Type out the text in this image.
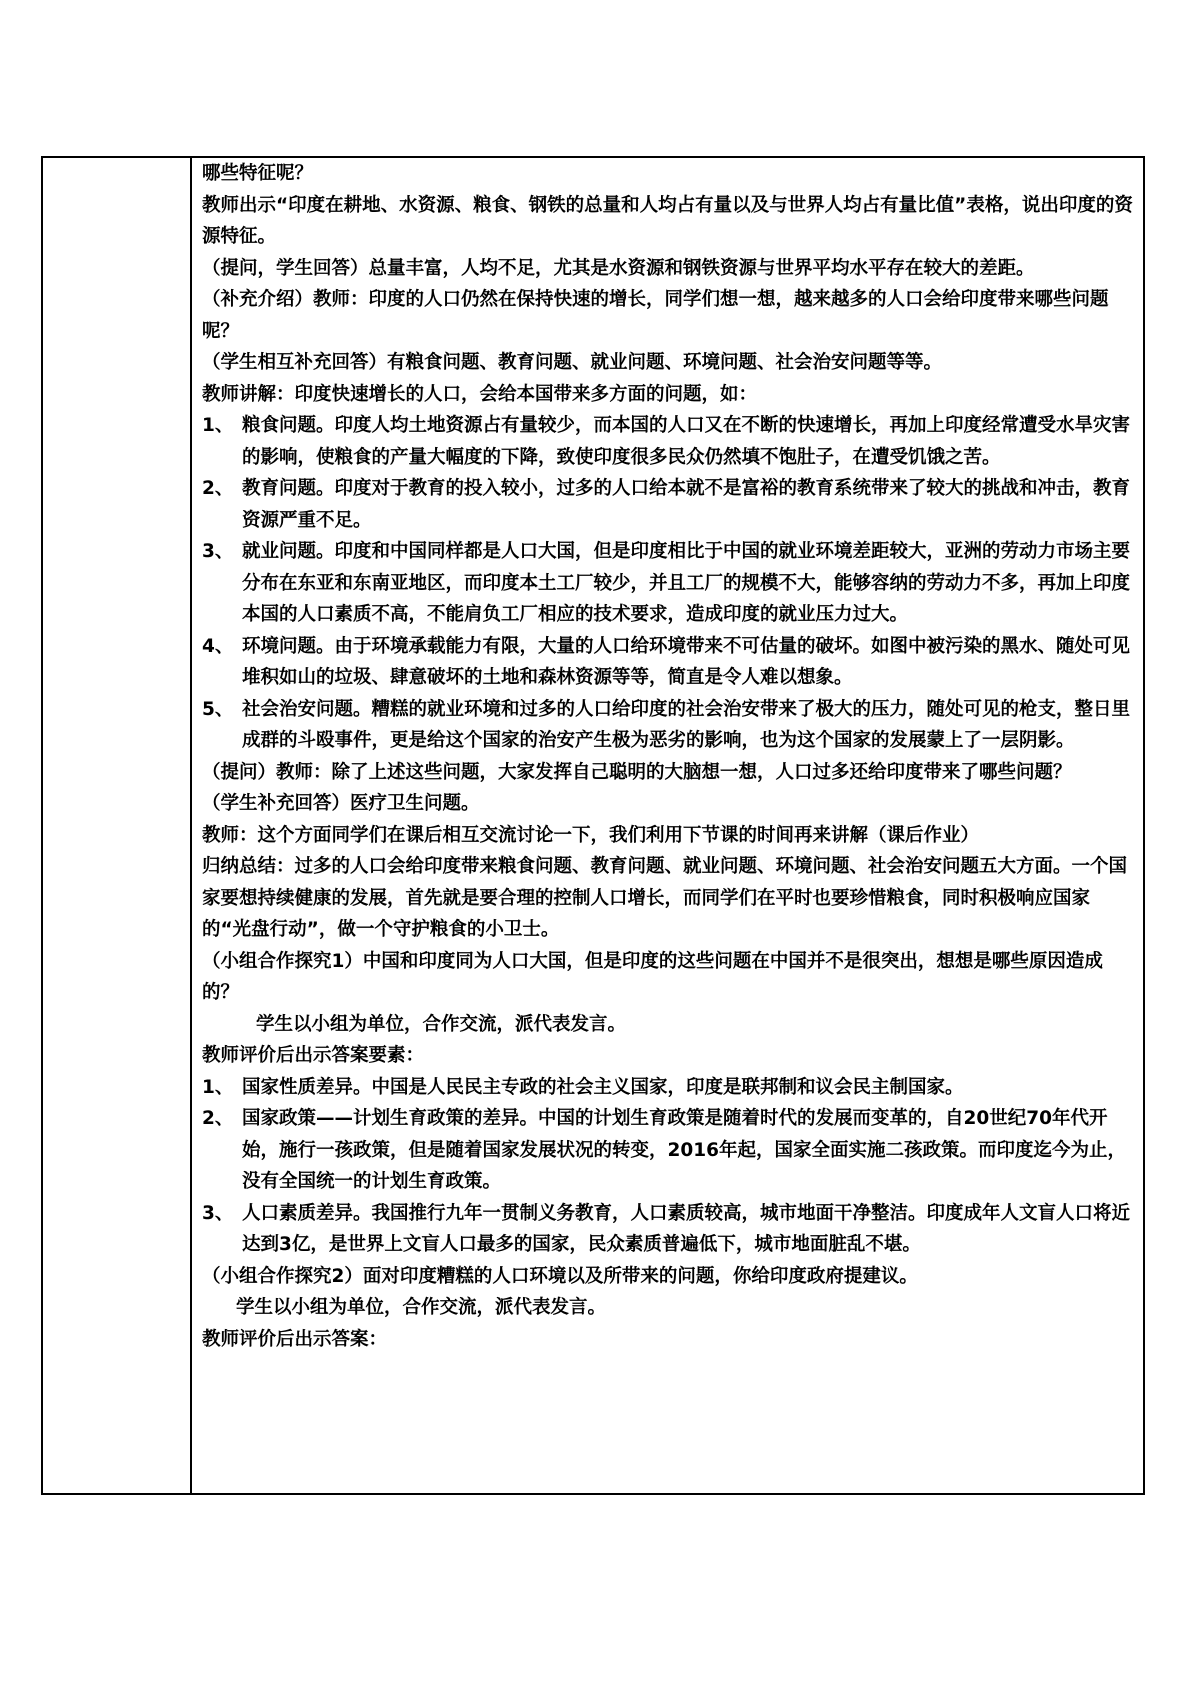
哪些特征呢？

教师出示“印度在耕地、水资源、粮食、钢铁的总量和人均占有量以及与世界人均占有量比值”表格，说出印度的资源特征。

（提问，学生回答）总量丰富，人均不足，尤其是水资源和钢铁资源与世界平均水平存在较大的差距。

（补充介绍）教师：印度的人口仍然在保持快速的增长，同学们想一想，越来越多的人口会给印度带来哪些问题呢？

（学生相互补充回答）有粮食问题、教育问题、就业问题、环境问题、社会治安问题等等。

教师讲解：印度快速增长的人口，会给本国带来多方面的问题，如：

1、 粮食问题。印度人均土地资源占有量较少，而本国的人口又在不断的快速增长，再加上印度经常遭受水旱灾害的影响，使粮食的产量大幅度的下降，致使印度很多民众仍然填不饱肚子，在遭受饥饿之苦。
2、 教育问题。印度对于教育的投入较小，过多的人口给本就不是富裕的教育系统带来了较大的挑战和冲击，教育资源严重不足。
3、 就业问题。印度和中国同样都是人口大国，但是印度相比于中国的就业环境差距较大，亚洲的劳动力市场主要分布在东亚和东南亚地区，而印度本土工厂较少，并且工厂的规模不大，能够容纳的劳动力不多，再加上印度本国的人口素质不高，不能肩负工厂相应的技术要求，造成印度的就业压力过大。
4、 环境问题。由于环境承载能力有限，大量的人口给环境带来不可估量的破坏。如图中被污染的黑水、随处可见堆积如山的垃圾、肆意破坏的土地和森林资源等等，简直是令人难以想象。
5、 社会治安问题。糟糕的就业环境和过多的人口给印度的社会治安带来了极大的压力，随处可见的枪支，整日里成群的斗殴事件，更是给这个国家的治安产生极为恶劣的影响，也为这个国家的发展蒙上了一层阴影。

（提问）教师：除了上述这些问题，大家发挥自己聪明的大脑想一想，人口过多还给印度带来了哪些问题？

（学生补充回答）医疗卫生问题。

教师：这个方面同学们在课后相互交流讨论一下，我们利用下节课的时间再来讲解（课后作业）

归纳总结：过多的人口会给印度带来粮食问题、教育问题、就业问题、环境问题、社会治安问题五大方面。一个国家要想持续健康的发展，首先就是要合理的控制人口增长，而同学们在平时也要珍惜粮食，同时积极响应国家的“光盘行动”，做一个守护粮食的小卫士。

（小组合作探究1）中国和印度同为人口大国，但是印度的这些问题在中国并不是很突出，想想是哪些原因造成的？

学生以小组为单位，合作交流，派代表发言。

教师评价后出示答案要素：

1、 国家性质差异。中国是人民民主专政的社会主义国家，印度是联邦制和议会民主制国家。
2、 国家政策——计划生育政策的差异。中国的计划生育政策是随着时代的发展而变革的，自20世纪70年代开始，施行一孩政策，但是随着国家发展状况的转变，2016年起，国家全面实施二孩政策。而印度迄今为止，没有全国统一的计划生育政策。
3、 人口素质差异。我国推行九年一贯制义务教育，人口素质较高，城市地面干净整洁。印度成年人文盲人口将近达到3亿，是世界上文盲人口最多的国家，民众素质普遍低下，城市地面脏乱不堪。

（小组合作探究2）面对印度糟糕的人口环境以及所带来的问题，你给印度政府提建议。

学生以小组为单位，合作交流，派代表发言。

教师评价后出示答案：
